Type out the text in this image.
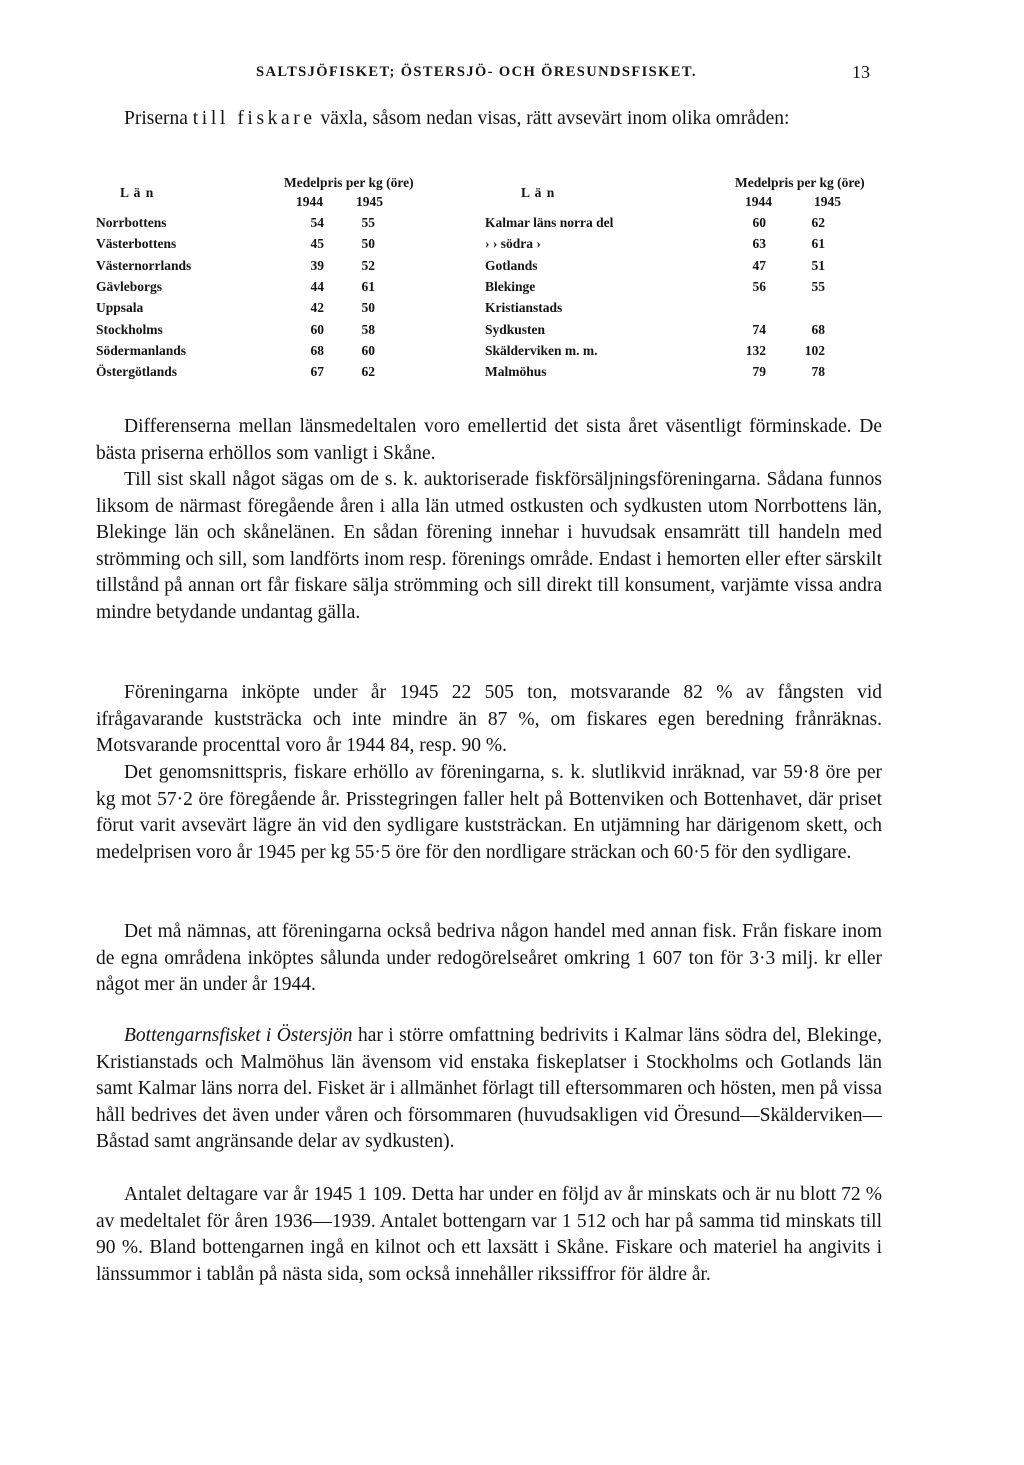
SALTSJÖFISKET; ÖSTERSJÖ- OCH ÖRESUNDSFISKET.	13

Priserna till fiskare växla, såsom nedan visas, rätt avsevärt inom olika områden:

Medelpris per kg (öre)
L ä n
1944 1945
Medelpris per kg (öre)
L ä n
1944	1945
Norrbottens	54	55
Västerbottens	45	50
Västernorrlands	39	52
Gävleborgs	44	61
Uppsala	42	50
Stockholms	60	58
Södermanlands	68	60
Östergötlands	67	62
Kalmar läns norra del	60	62
› › södra ›	63	61
Gotlands	47	51
Blekinge	56	55
Kristianstads
Sydkusten	74	68
Skälderviken m. m.	132	102
Malmöhus	79	78

Differenserna mellan länsmedeltalen voro emellertid det sista året väsentligt förminskade. De bästa priserna erhöllos som vanligt i Skåne.

Till sist skall något sägas om de s. k. auktoriserade fiskförsäljningsföreningarna. Sådana funnos liksom de närmast föregående åren i alla län utmed ostkusten och sydkusten utom Norrbottens län, Blekinge län och skånelänen. En sådan förening innehar i huvudsak ensamrätt till handeln med strömming och sill, som landförts inom resp. förenings område. Endast i hemorten eller efter särskilt tillstånd på annan ort får fiskare sälja strömming och sill direkt till konsument, varjämte vissa andra mindre betydande undantag gälla.

Föreningarna inköpte under år 1945 22 505 ton, motsvarande 82 % av fångsten vid ifrågavarande kuststräcka och inte mindre än 87 %, om fiskares egen beredning frånräknas. Motsvarande procenttal voro år 1944 84, resp. 90 %.

Det genomsnittspris, fiskare erhöllo av föreningarna, s. k. slutlikvid inräknad, var 59·8 öre per kg mot 57·2 öre föregående år. Prisstegringen faller helt på Bottenviken och Bottenhavet, där priset förut varit avsevärt lägre än vid den sydligare kuststräckan. En utjämning har därigenom skett, och medelprisen voro år 1945 per kg 55·5 öre för den nordligare sträckan och 60·5 för den sydligare.

Det må nämnas, att föreningarna också bedriva någon handel med annan fisk. Från fiskare inom de egna områdena inköptes sålunda under redogörelseåret omkring 1 607 ton för 3·3 milj. kr eller något mer än under år 1944.

Bottengarnsfisket i Östersjön har i större omfattning bedrivits i Kalmar läns södra del, Blekinge, Kristianstads och Malmöhus län ävensom vid enstaka fiskeplatser i Stockholms och Gotlands län samt Kalmar läns norra del. Fisket är i allmänhet förlagt till eftersommaren och hösten, men på vissa håll bedrives det även under våren och försommaren (huvudsakligen vid Öresund—Skälderviken—Båstad samt angränsande delar av sydkusten).

Antalet deltagare var år 1945 1 109. Detta har under en följd av år minskats och är nu blott 72 % av medeltalet för åren 1936—1939. Antalet bottengarn var 1 512 och har på samma tid minskats till 90 %. Bland bottengarnen ingå en kilnot och ett laxsätt i Skåne. Fiskare och materiel ha angivits i länssummor i tablån på nästa sida, som också innehåller rikssiffror för äldre år.
